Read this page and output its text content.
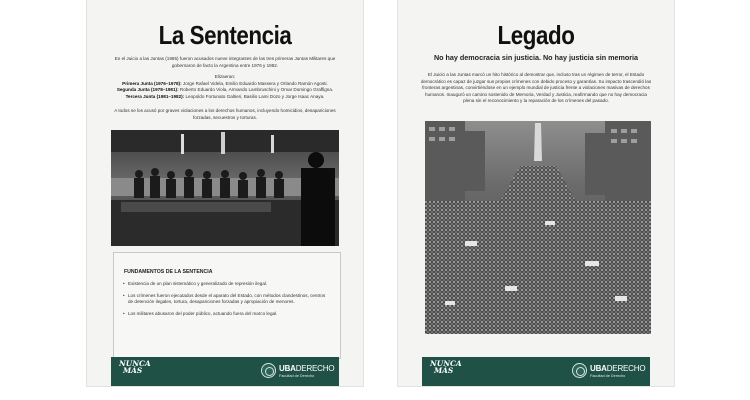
La Sentencia
En el Juicio a las Juntas (1985) fueron acusados nueve integrantes de las tres primeras Juntas Militares que gobernaron de facto la Argentina entre 1976 y 1982.
Elizaeran:
Primera Junta (1976–1978): Jorge Rafael Videla, Emilio Eduardo Massera y Orlando Ramón Agosti.
Segunda Junta (1978–1981): Roberto Eduardo Viola, Armando Lambruschini y Omar Domingo Graffigna.
Tercera Junta (1981–1982): Leopoldo Fortunato Galtieri, Basilio Lami Dozo y Jorge Isaac Anaya.
A todos se los acusó por graves violaciones a los derechos humanos, incluyendo homicidios, desapariciones forzadas, secuestros y torturas.
FUNDAMENTOS DE LA SENTENCIA
• Existencia de un plan sistemático y generalizado de represión ilegal.
• Los crímenes fueron ejecutados desde el aparato del Estado, con métodos clandestinos, centros de detención ilegales, tortura, desapariciones forzadas y apropiación de menores.
• Los militares abusaron del poder público, actuando fuera del marco legal.
NUNCA
MÁS	UBADERECHO
Facultad de Derecho
Legado
No hay democracia sin justicia. No hay justicia sin memoria
El Juicio a las Juntas marcó un hito histórico al demostrar que, incluso tras un régimen de terror, el Estado democrático es capaz de juzgar sus propios crímenes con debido proceso y garantías. Su impacto trascendió las fronteras argentinas, convirtiéndose en un ejemplo mundial de justicia frente a violaciones masivas de derechos humanos. Inauguró un camino sostenido de Memoria, Verdad y Justicia, reafirmando que no hay democracia plena sin el reconocimiento y la reparación de los crímenes del pasado.
NUNCA
MÁS	UBADERECHO
Facultad de Derecho
